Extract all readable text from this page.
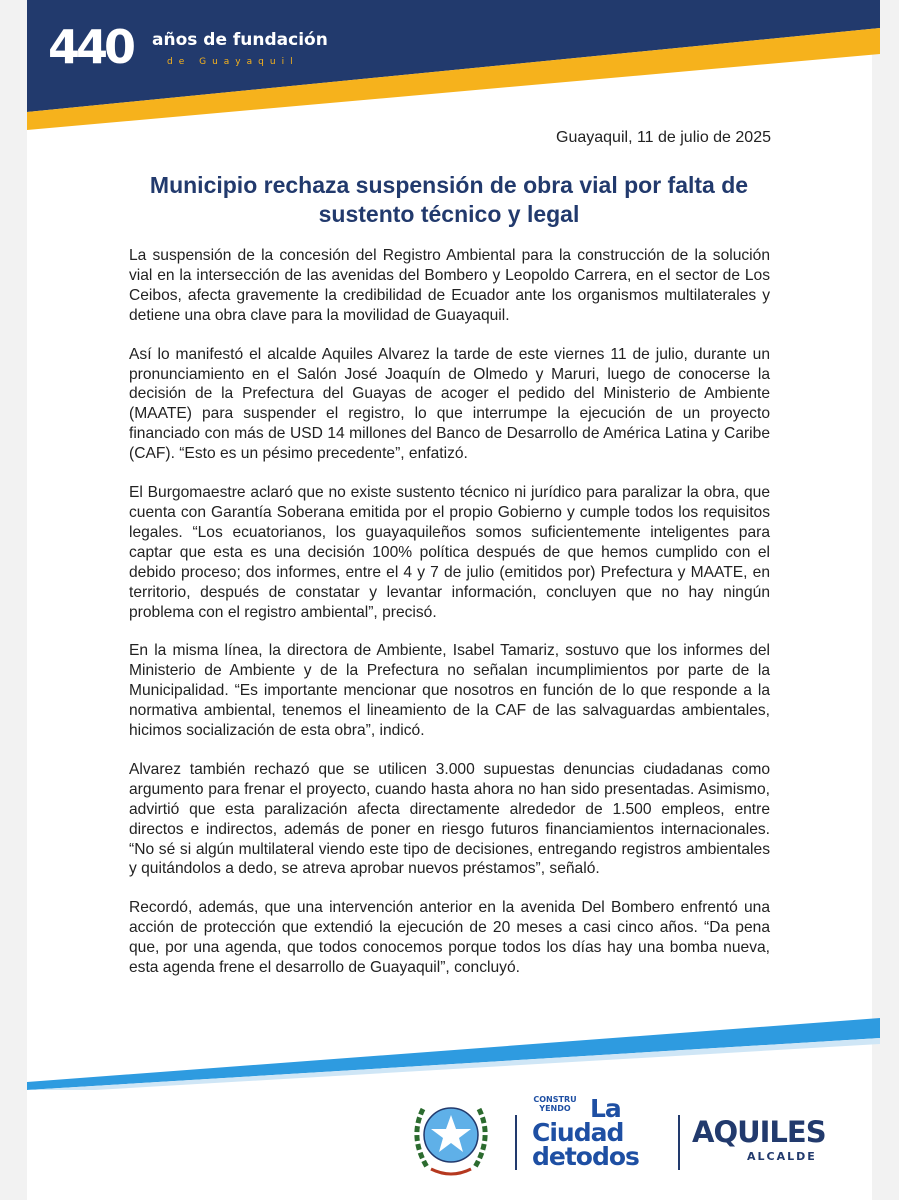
440 años de fundación
de Guayaquil
Guayaquil, 11 de julio de 2025
Municipio rechaza suspensión de obra vial por falta de sustento técnico y legal

La suspensión de la concesión del Registro Ambiental para la construcción de la solución vial en la intersección de las avenidas del Bombero y Leopoldo Carrera, en el sector de Los Ceibos, afecta gravemente la credibilidad de Ecuador ante los organismos multilaterales y detiene una obra clave para la movilidad de Guayaquil.

Así lo manifestó el alcalde Aquiles Alvarez la tarde de este viernes 11 de julio, durante un pronunciamiento en el Salón José Joaquín de Olmedo y Maruri, luego de conocerse la decisión de la Prefectura del Guayas de acoger el pedido del Ministerio de Ambiente (MAATE) para suspender el registro, lo que interrumpe la ejecución de un proyecto financiado con más de USD 14 millones del Banco de Desarrollo de América Latina y Caribe (CAF). “Esto es un pésimo precedente”, enfatizó.

El Burgomaestre aclaró que no existe sustento técnico ni jurídico para paralizar la obra, que cuenta con Garantía Soberana emitida por el propio Gobierno y cumple todos los requisitos legales. “Los ecuatorianos, los guayaquileños somos suficientemente inteligentes para captar que esta es una decisión 100% política después de que hemos cumplido con el debido proceso; dos informes, entre el 4 y 7 de julio (emitidos por) Prefectura y MAATE, en territorio, después de constatar y levantar información, concluyen que no hay ningún problema con el registro ambiental”, precisó.

En la misma línea, la directora de Ambiente, Isabel Tamariz, sostuvo que los informes del Ministerio de Ambiente y de la Prefectura no señalan incumplimientos por parte de la Municipalidad. “Es importante mencionar que nosotros en función de lo que responde a la normativa ambiental, tenemos el lineamiento de la CAF de las salvaguardas ambientales, hicimos socialización de esta obra”, indicó.

Alvarez también rechazó que se utilicen 3.000 supuestas denuncias ciudadanas como argumento para frenar el proyecto, cuando hasta ahora no han sido presentadas. Asimismo, advirtió que esta paralización afecta directamente alrededor de 1.500 empleos, entre directos e indirectos, además de poner en riesgo futuros financiamientos internacionales. “No sé si algún multilateral viendo este tipo de decisiones, entregando registros ambientales y quitándolos a dedo, se atreva aprobar nuevos préstamos”, señaló.

Recordó, además, que una intervención anterior en la avenida Del Bombero enfrentó una acción de protección que extendió la ejecución de 20 meses a casi cinco años. “Da pena que, por una agenda, que todos conocemos porque todos los días hay una bomba nueva, esta agenda frene el desarrollo de Guayaquil”, concluyó.

CONSTRU YENDO La
Ciudad
detodos
AQUILES
ALCALDE
